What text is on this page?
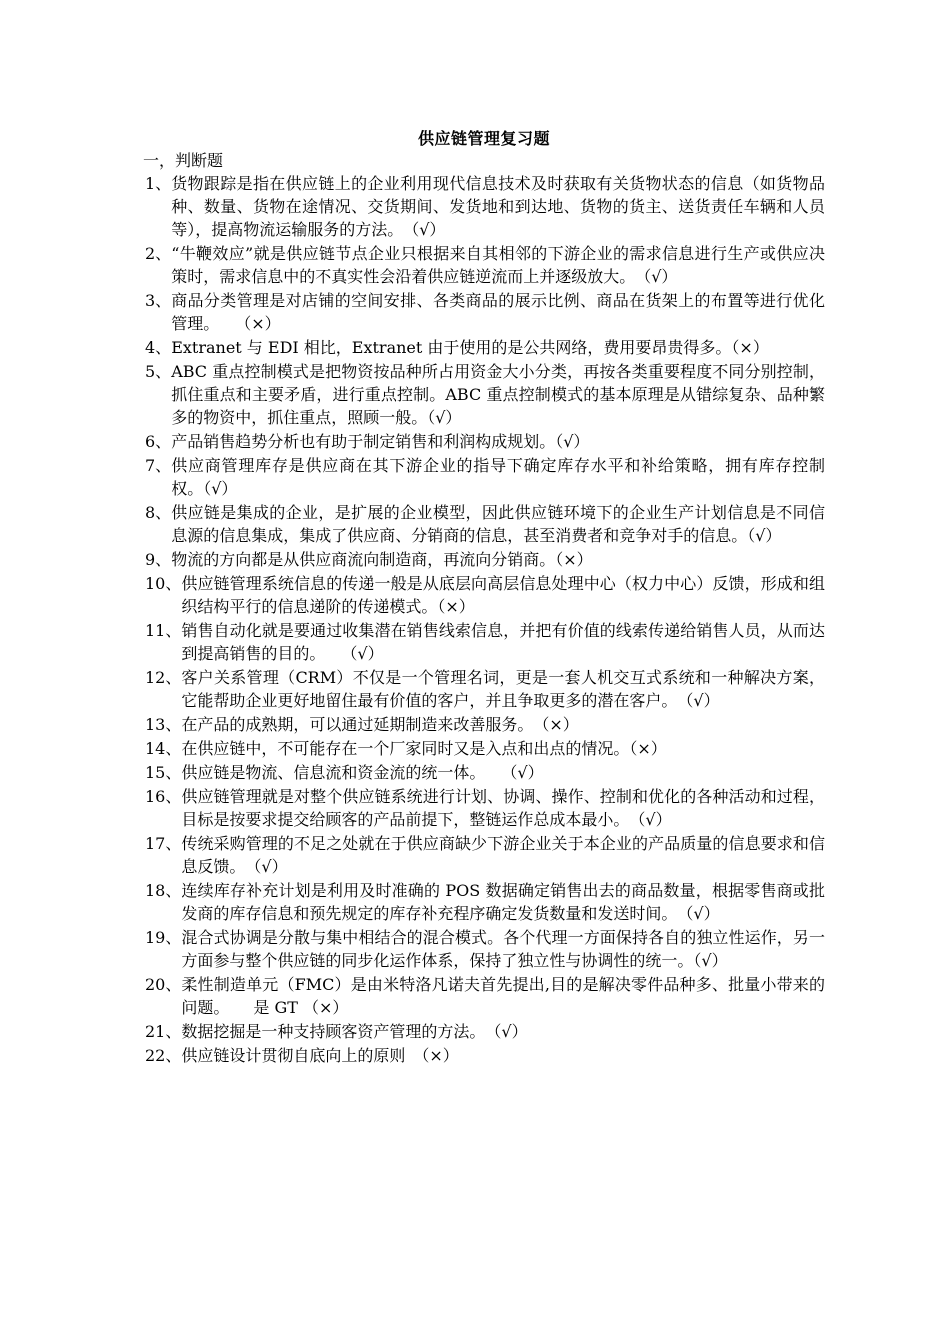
供应链管理复习题
一，判断题
1、 货物跟踪是指在供应链上的企业利用现代信息技术及时获取有关货物状态的信息（如货物品种、数量、货物在途情况、交货期间、发货地和到达地、货物的货主、送货责任车辆和人员等），提高物流运输服务的方法。　（√）
2、 “牛鞭效应”就是供应链节点企业只根据来自其相邻的下游企业的需求信息进行生产或供应决策时，需求信息中的不真实性会沿着供应链逆流而上并逐级放大。　（√）
3、 商品分类管理是对店铺的空间安排、各类商品的展示比例、商品在货架上的布置等进行优化管理。　　（×）
4、 Extranet 与 EDI 相比，Extranet 由于使用的是公共网络，费用要昂贵得多。（×）
5、 ABC 重点控制模式是把物资按品种所占用资金大小分类，再按各类重要程度不同分别控制，抓住重点和主要矛盾，进行重点控制。ABC 重点控制模式的基本原理是从错综复杂、品种繁多的物资中，抓住重点，照顾一般。（√）
6、 产品销售趋势分析也有助于制定销售和利润构成规划。（√）
7、 供应商管理库存是供应商在其下游企业的指导下确定库存水平和补给策略，拥有库存控制权。（√）
8、 供应链是集成的企业，是扩展的企业模型，因此供应链环境下的企业生产计划信息是不同信息源的信息集成，集成了供应商、分销商的信息，甚至消费者和竞争对手的信息。（√）
9、 物流的方向都是从供应商流向制造商，再流向分销商。（×）
10、 供应链管理系统信息的传递一般是从底层向高层信息处理中心（权力中心）反馈，形成和组织结构平行的信息递阶的传递模式。（×）
11、 销售自动化就是要通过收集潜在销售线索信息，并把有价值的线索传递给销售人员，从而达到提高销售的目的。　　（√）
12、 客户关系管理（CRM）不仅是一个管理名词，更是一套人机交互式系统和一种解决方案，它能帮助企业更好地留住最有价值的客户，并且争取更多的潜在客户。　（√）
13、 在产品的成熟期，可以通过延期制造来改善服务。　（×）
14、 在供应链中，不可能存在一个厂家同时又是入点和出点的情况。（×）
15、 供应链是物流、信息流和资金流的统一体。　　（√）
16、 供应链管理就是对整个供应链系统进行计划、协调、操作、控制和优化的各种活动和过程，目标是按要求提交给顾客的产品前提下，整链运作总成本最小。　（√）
17、 传统采购管理的不足之处就在于供应商缺少下游企业关于本企业的产品质量的信息要求和信息反馈。　（√）
18、 连续库存补充计划是利用及时准确的 POS 数据确定销售出去的商品数量，根据零售商或批发商的库存信息和预先规定的库存补充程序确定发货数量和发送时间。　（√）
19、 混合式协调是分散与集中相结合的混合模式。各个代理一方面保持各自的独立性运作，另一方面参与整个供应链的同步化运作体系，保持了独立性与协调性的统一。（√）
20、 柔性制造单元（FMC）是由米特洛凡诺夫首先提出,目的是解决零件品种多、批量小带来的问题。　　是 GT （×）
21、 数据挖掘是一种支持顾客资产管理的方法。　（√）
22、 供应链设计贯彻自底向上的原则　（×）
